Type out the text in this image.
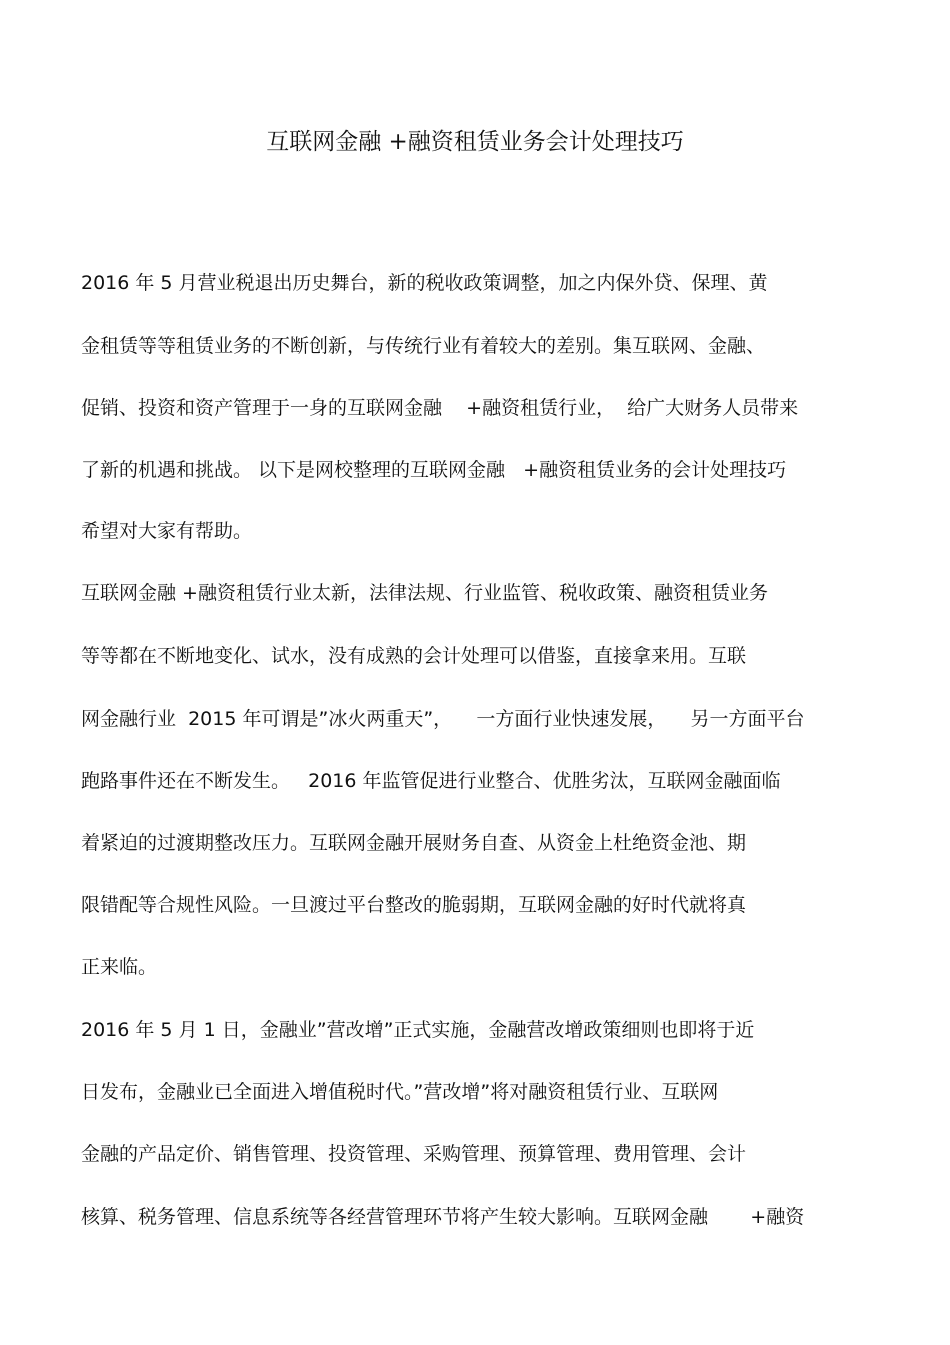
互联网金融 +融资租赁业务会计处理技巧

2016 年 5 月营业税退出历史舞台，新的税收政策调整，加之内保外贷、保理、黄

金租赁等等租赁业务的不断创新，与传统行业有着较大的差别。集互联网、金融、

促销、投资和资产管理于一身的互联网金融    +融资租赁行业，  给广大财务人员带来

了新的机遇和挑战。 以下是网校整理的互联网金融   +融资租赁业务的会计处理技巧

希望对大家有帮助。

互联网金融 +融资租赁行业太新，法律法规、行业监管、税收政策、融资租赁业务

等等都在不断地变化、试水，没有成熟的会计处理可以借鉴，直接拿来用。互联

网金融行业  2015 年可谓是”冰火两重天”，    一方面行业快速发展，    另一方面平台

跑路事件还在不断发生。   2016 年监管促进行业整合、优胜劣汰，互联网金融面临

着紧迫的过渡期整改压力。互联网金融开展财务自查、从资金上杜绝资金池、期

限错配等合规性风险。一旦渡过平台整改的脆弱期，互联网金融的好时代就将真

正来临。

2016 年 5 月 1 日，金融业”营改增”正式实施，金融营改增政策细则也即将于近

日发布，金融业已全面进入增值税时代。”营改增”将对融资租赁行业、互联网

金融的产品定价、销售管理、投资管理、采购管理、预算管理、费用管理、会计

核算、税务管理、信息系统等各经营管理环节将产生较大影响。互联网金融       +融资
